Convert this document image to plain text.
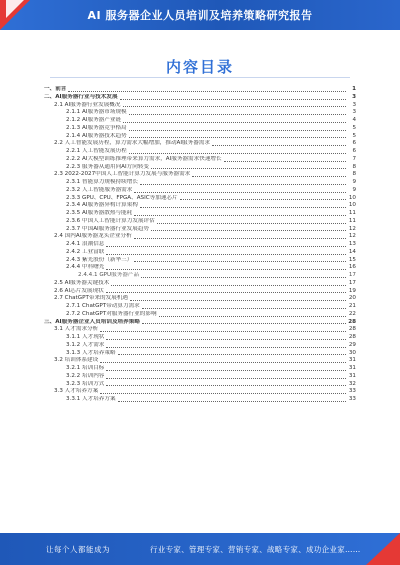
AI 服务器企业人员培训及培养策略研究报告
内容目录
一、前言	1
二、AI服务器行业与技术发展	3
2.1 AI服务器行业发展概况	3
2.1.1 AI服务器市场规模	3
2.1.2 AI服务器产业链	4
2.1.3 AI服务器竞争格局	5
2.1.4 AI服务器技术趋势	5
2.2 人工智能发展历程，算力需求大幅增加，推动AI服务器需求	6
2.2.1 人工智能发展历程	6
2.2.2 AI大模型训练推理带来算力需求，AI服务器需求快速增长	7
2.2.3 服务器从通用向AI方向转变	8
2.3 2022-2027中国人工智能计算力发展与服务器需求	8
2.3.1 智能算力规模持续增长	9
2.3.2 人工智能服务器需求	9
2.3.3 GPU、CPU、FPGA、ASIC等加速芯片	10
2.3.4 AI服务器异构计算架构	10
2.3.5 AI服务器散热与能耗	11
2.3.6 中国人工智能计算力发展评估	11
2.3.7 中国AI服务器行业发展趋势	12
2.4 国内AI服务器龙头企业分析	12
2.4.1 浪潮信息	13
2.4.2 工业富联	14
2.4.3 紫光股份（新华三）	15
2.4.4 中科曙光	16
2.4.4.1 GPU服务器产品	17
2.5 AI服务器关键技术	17
2.6 AI芯片发展现状	19
2.7 ChatGPT带来的发展机遇	20
2.7.1 ChatGPT带动算力需求	21
2.7.2 ChatGPT对服务器行业的影响	22
三、AI服务器企业人员培训及培养策略	28
3.1 人才需求分析	28
3.1.1 人才现状	28
3.1.2 人才需求	29
3.1.3 人才培养策略	30
3.2 培训体系建设	31
3.2.1 培训目标	31
3.2.2 培训内容	31
3.2.3 培训方式	32
3.3 人才培养方案	33
3.3.1 人才培养方案	33
让每个人都能成为	行业专家、管理专家、营销专家、战略专家、成功企业家……
